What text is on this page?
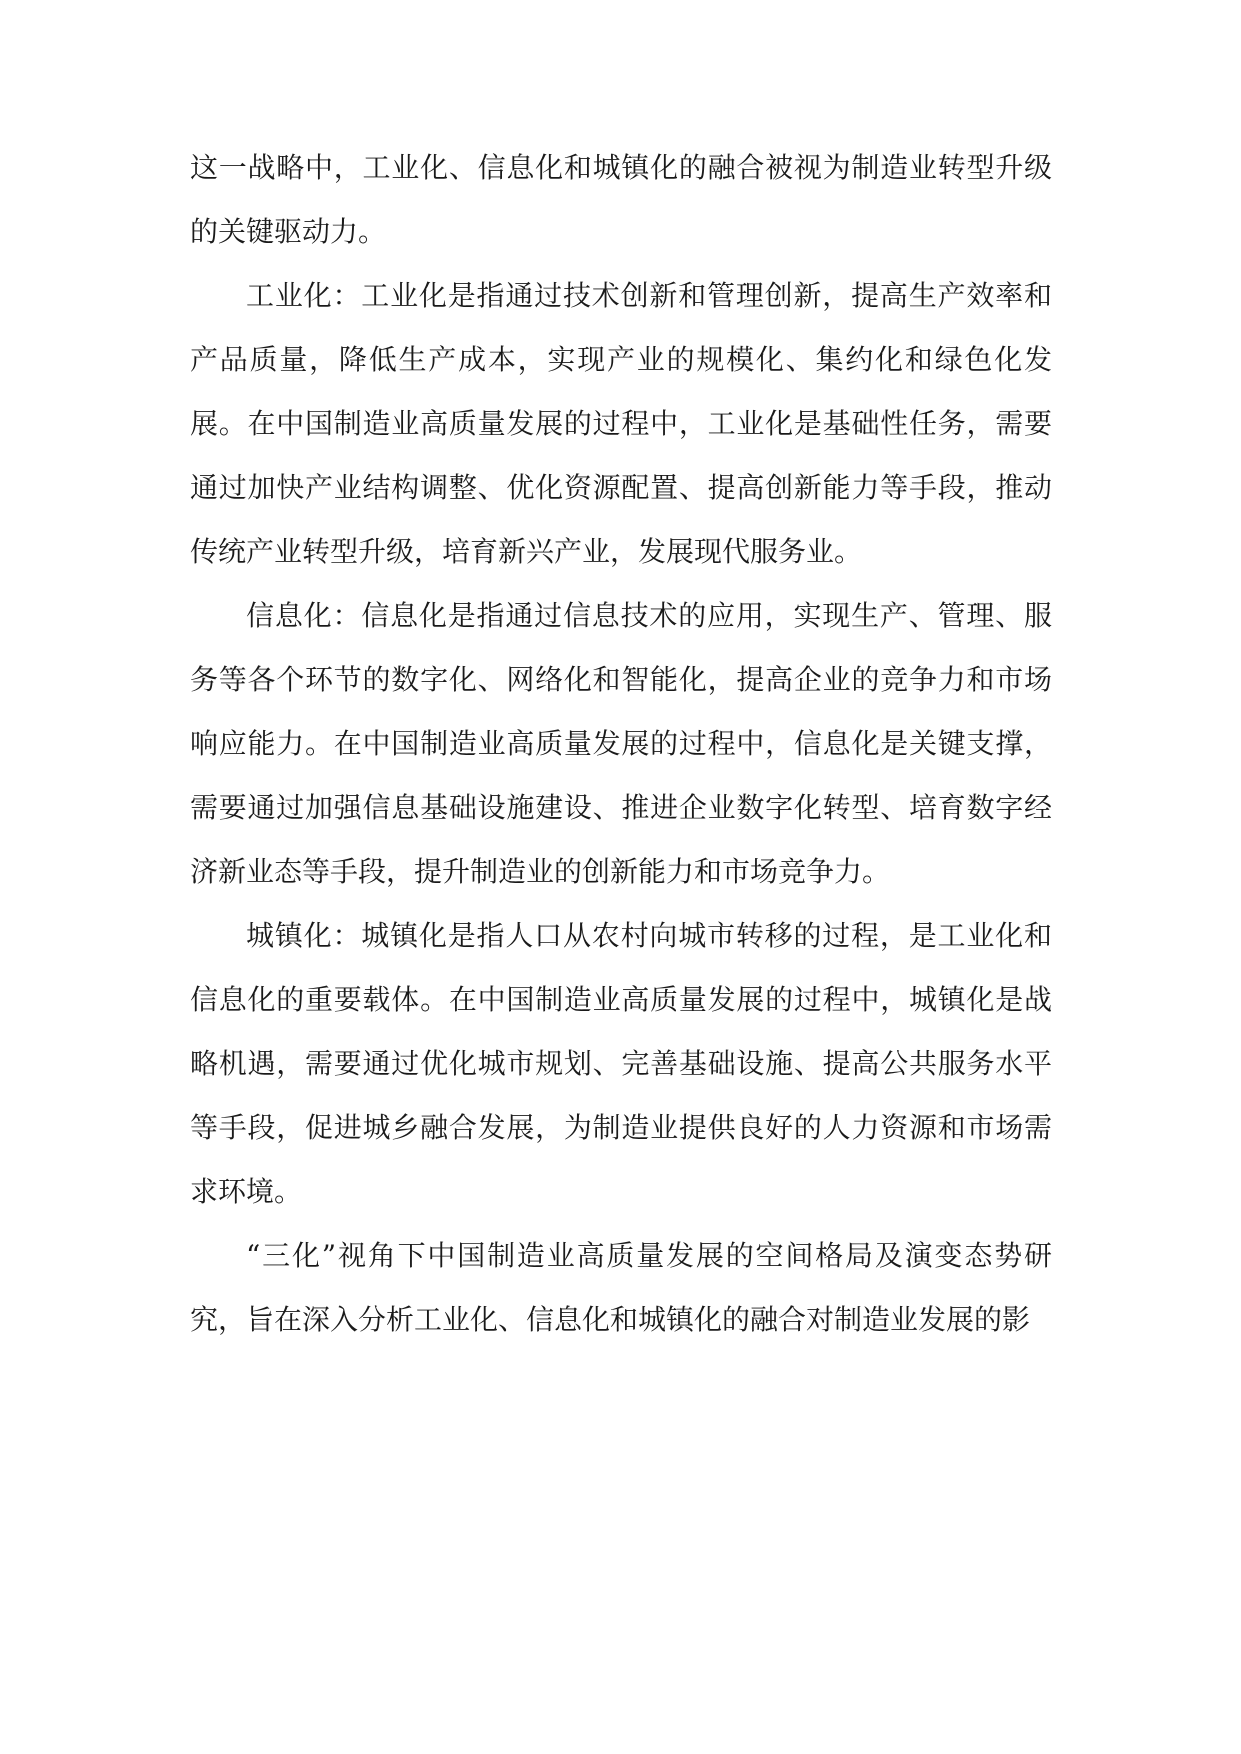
这一战略中，工业化、信息化和城镇化的融合被视为制造业转型升级的关键驱动力。

工业化：工业化是指通过技术创新和管理创新，提高生产效率和产品质量，降低生产成本，实现产业的规模化、集约化和绿色化发展。在中国制造业高质量发展的过程中，工业化是基础性任务，需要通过加快产业结构调整、优化资源配置、提高创新能力等手段，推动传统产业转型升级，培育新兴产业，发展现代服务业。

信息化：信息化是指通过信息技术的应用，实现生产、管理、服务等各个环节的数字化、网络化和智能化，提高企业的竞争力和市场响应能力。在中国制造业高质量发展的过程中，信息化是关键支撑，需要通过加强信息基础设施建设、推进企业数字化转型、培育数字经济新业态等手段，提升制造业的创新能力和市场竞争力。

城镇化：城镇化是指人口从农村向城市转移的过程，是工业化和信息化的重要载体。在中国制造业高质量发展的过程中，城镇化是战略机遇，需要通过优化城市规划、完善基础设施、提高公共服务水平等手段，促进城乡融合发展，为制造业提供良好的人力资源和市场需求环境。

“三化”视角下中国制造业高质量发展的空间格局及演变态势研究，旨在深入分析工业化、信息化和城镇化的融合对制造业发展的影
